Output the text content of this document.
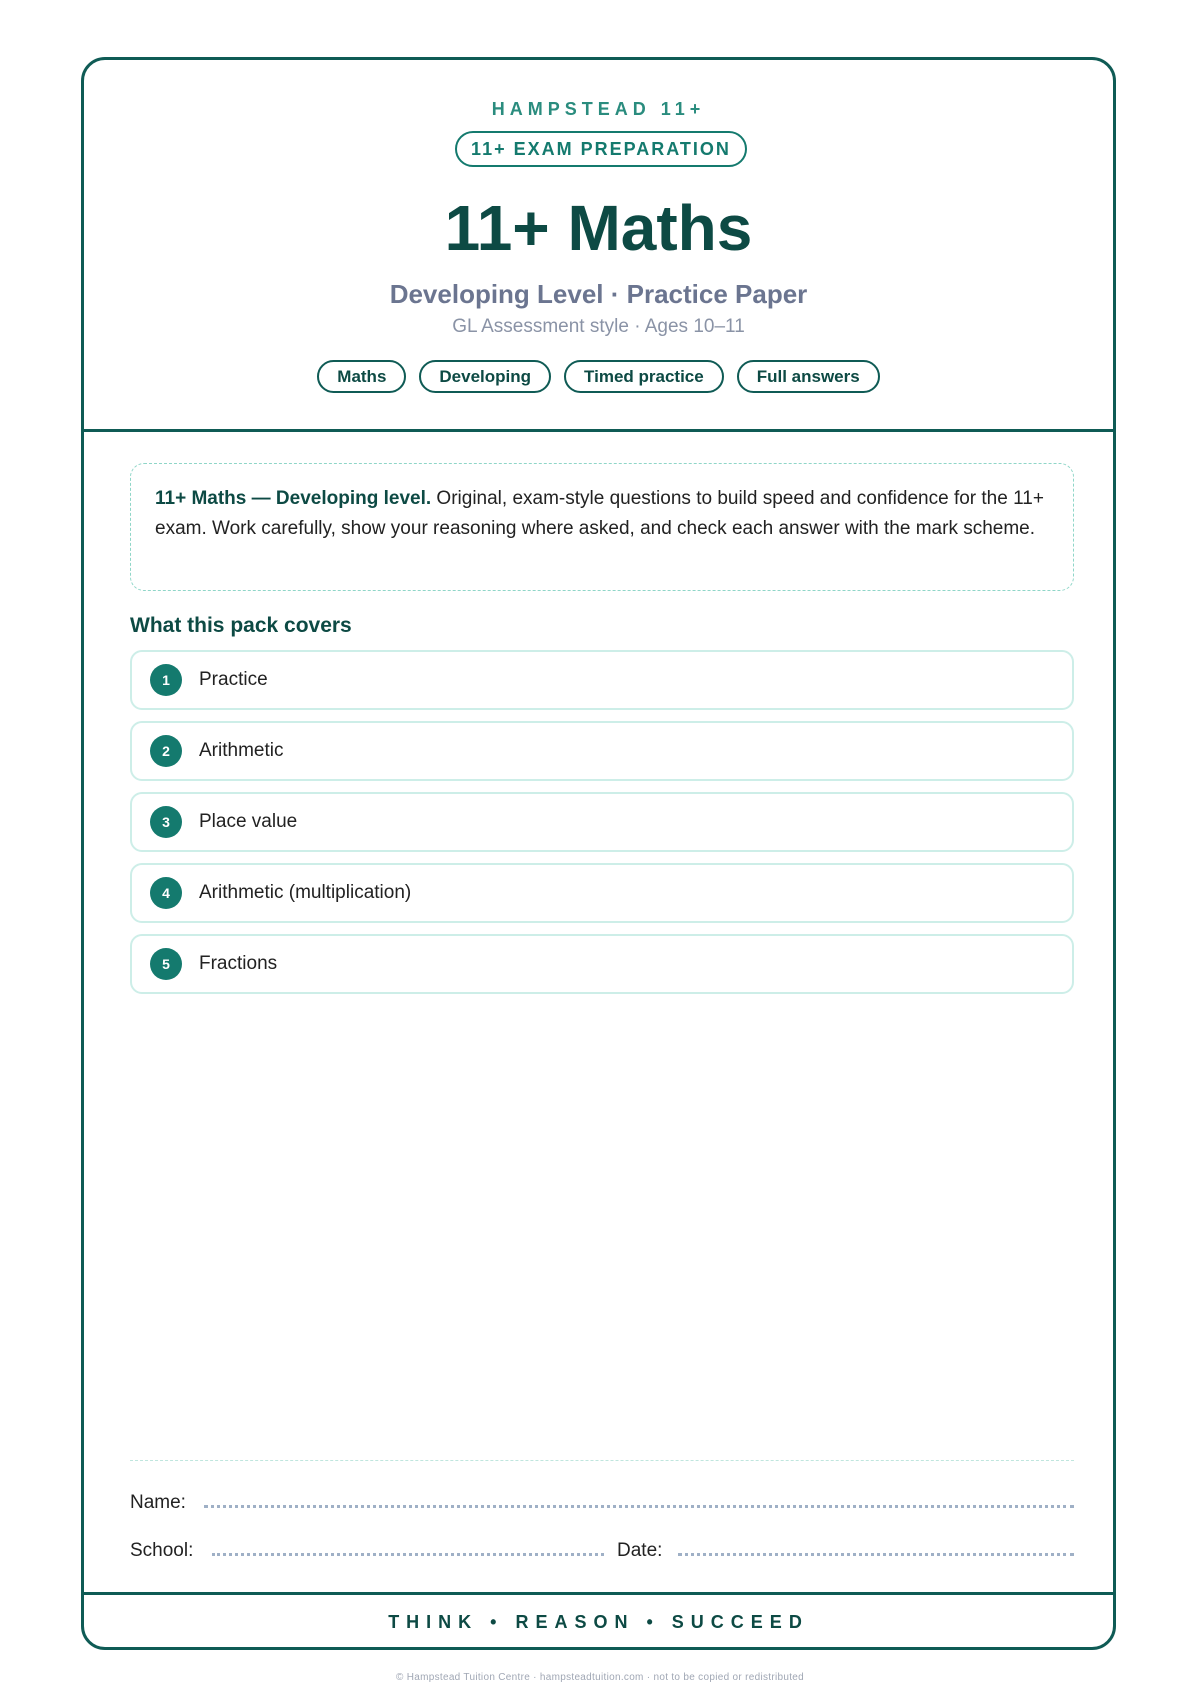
HAMPSTEAD 11+
11+ EXAM PREPARATION
11+ Maths
Developing Level · Practice Paper
GL Assessment style · Ages 10–11
Maths	Developing	Timed practice	Full answers
11+ Maths — Developing level. Original, exam-style questions to build speed and confidence for the 11+ exam. Work carefully, show your reasoning where asked, and check each answer with the mark scheme.
What this pack covers
1	Practice
2	Arithmetic
3	Place value
4	Arithmetic (multiplication)
5	Fractions
Name:
School:	Date:
THINK • REASON • SUCCEED
© Hampstead Tuition Centre · hampsteadtuition.com · not to be copied or redistributed
